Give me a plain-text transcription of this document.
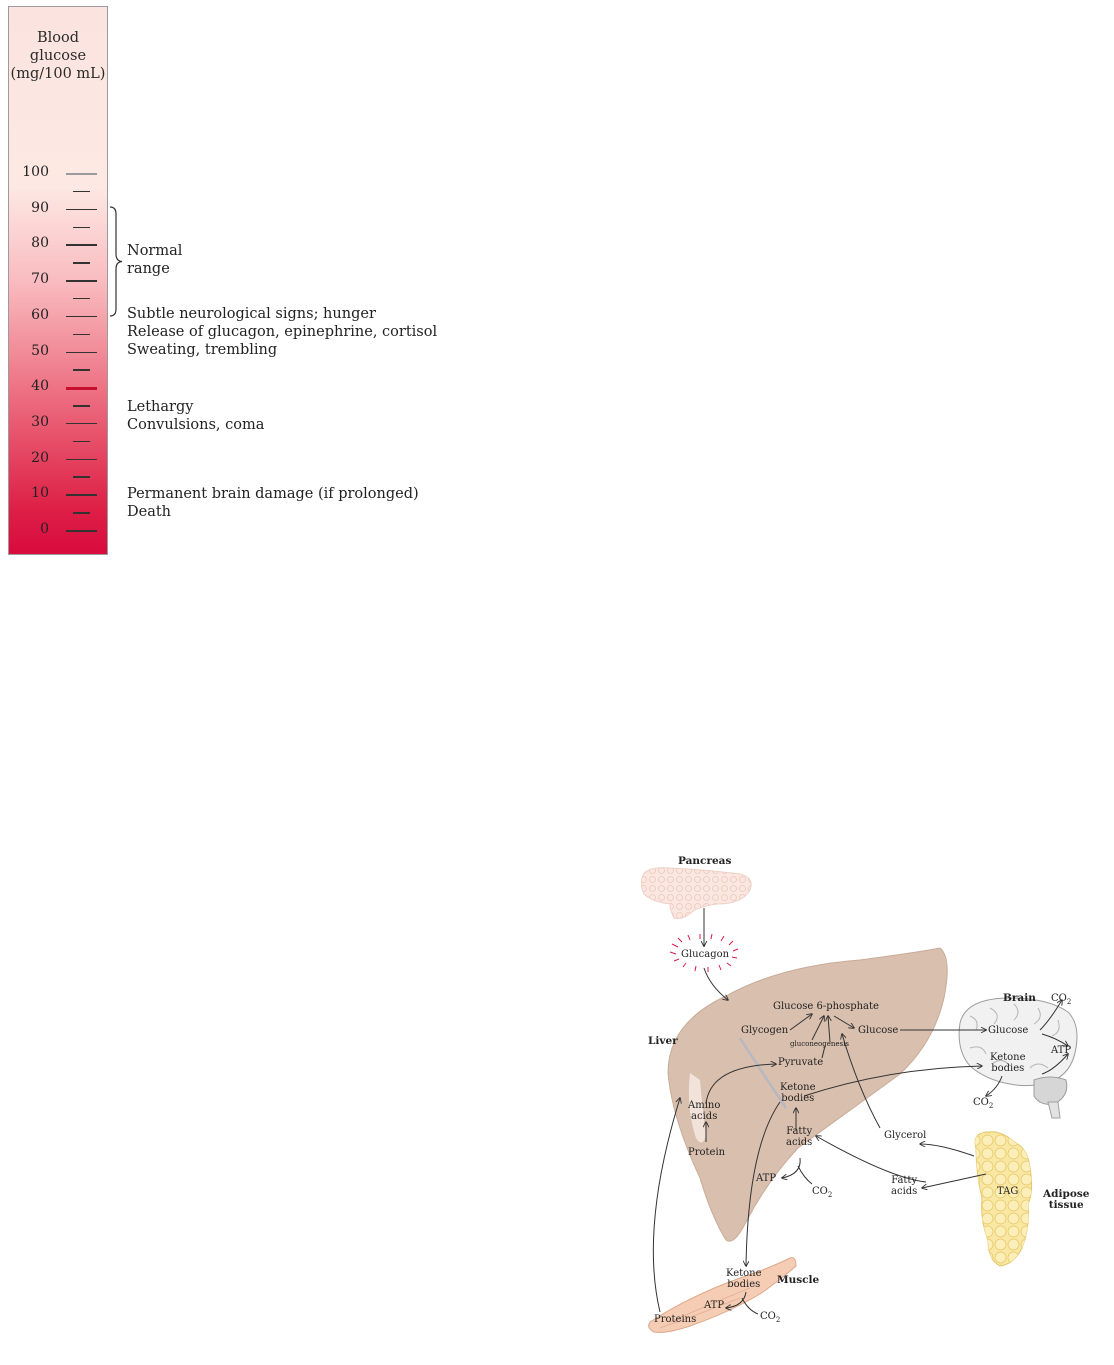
Blood
glucose
(mg/100 mL)
100
90
80
70
60
50
40
30
20
10
0
Normal
range
Subtle neurological signs; hunger
Release of glucagon, epinephrine, cortisol
Sweating, trembling
Lethargy
Convulsions, coma
Permanent brain damage (if prolonged)
Death
Pancreas
Glucagon
Liver
Glucose 6-phosphate
Glycogen
gluconeogenesis
Glucose
Pyruvate
Ketone
bodies
Amino
acids
Protein
Fatty
acids
ATP
$CO_2$
Brain $CO_2$
Glucose
ATP
Ketone
bodies
$CO_2$
Glycerol
Fatty
acids	TAG Adipose
tissue
Muscle
Ketone
bodies
ATP
Proteins	$CO_2$
